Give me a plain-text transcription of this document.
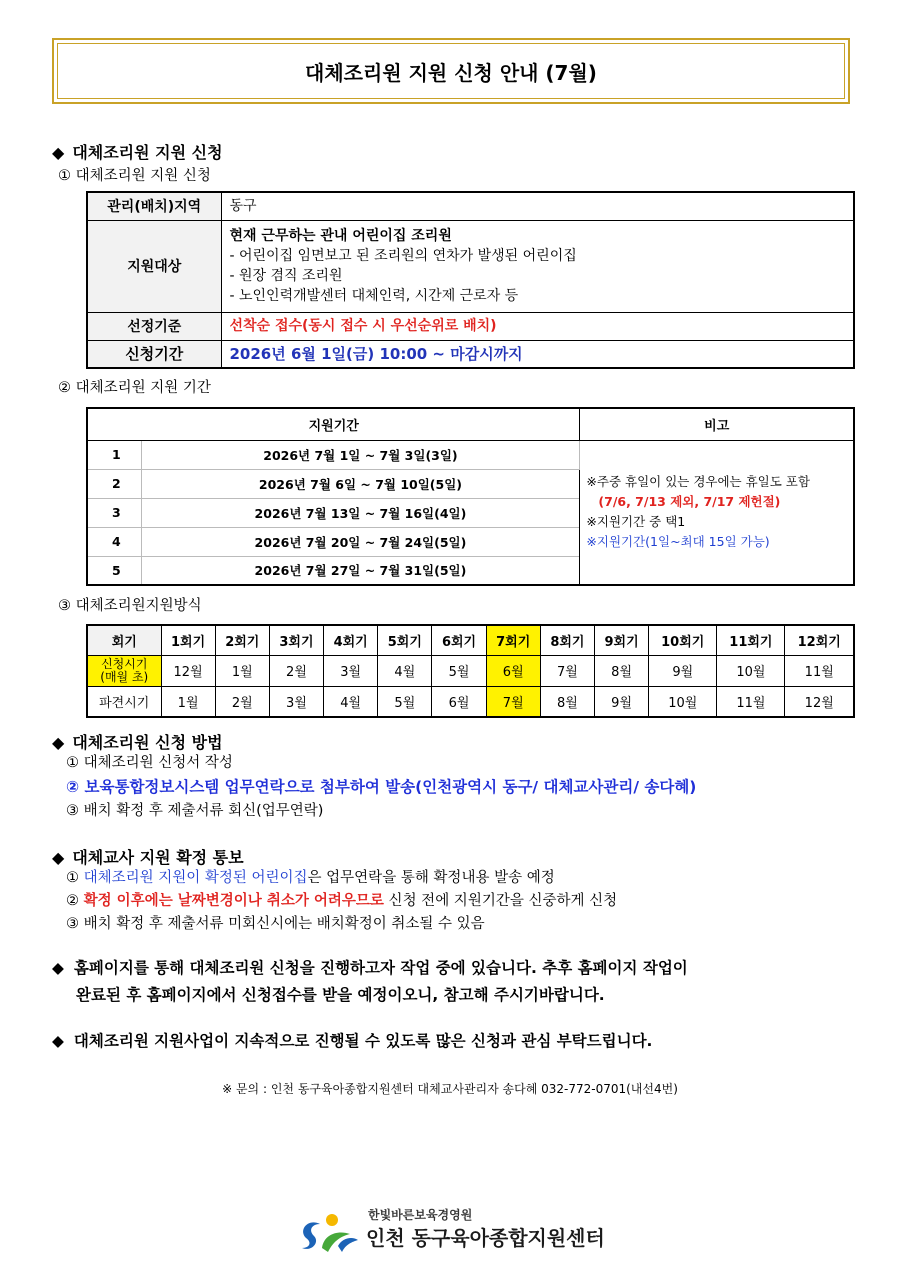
대체조리원 지원 신청 안내 (7월)
◆ 대체조리원 지원 신청
① 대체조리원 지원 신청
관리(배치)지역	동구
지원대상	현재 근무하는 관내 어린이집 조리원
- 어린이집 임면보고 된 조리원의 연차가 발생된 어린이집
- 원장 겸직 조리원
- 노인인력개발센터 대체인력, 시간제 근로자 등

선정기준	선착순 접수(동시 접수 시 우선순위로 배치)
신청기간	2026년 6월 1일(금) 10:00 ~ 마감시까지
② 대체조리원 지원 기간
지원기간		비고
1	2026년 7월 1일 ~ 7월 3일(3일)	※주중 휴일이 있는 경우에는 휴일도 포함
(7/6, 7/13 제외, 7/17 제헌절)
※지원기간 중 택1
※지원기간(1일~최대 15일 가능)

2	2026년 7월 6일 ~ 7월 10일(5일)	
3	2026년 7월 13일 ~ 7월 16일(4일)	
4	2026년 7월 20일 ~ 7월 24일(5일)	
5	2026년 7월 27일 ~ 7월 31일(5일)	
③ 대체조리원지원방식
회기	1회기	2회기	3회기	4회기	5회기	6회기	7회기	8회기	9회기	10회기	11회기	12회기

신청시기
(매월 초)	12월	1월	2월	3월	4월	5월	6월	7월	8월	9월	10월	11월
파견시기	1월	2월	3월	4월	5월	6월	7월	8월	9월	10월	11월	12월
◆ 대체조리원 신청 방법
① 대체조리원 신청서 작성
② 보육통합정보시스템 업무연락으로 첨부하여 발송(인천광역시 동구/ 대체교사관리/ 송다혜)
③ 배치 확정 후 제출서류 회신(업무연락)
◆ 대체교사 지원 확정 통보
① 대체조리원 지원이 확정된 어린이집은 업무연락을 통해 확정내용 발송 예정
② 확정 이후에는 날짜변경이나 취소가 어려우므로 신청 전에 지원기간을 신중하게 신청
③ 배치 확정 후 제출서류 미회신시에는 배치확정이 취소될 수 있음
◆ 홈페이지를 통해 대체조리원 신청을 진행하고자 작업 중에 있습니다. 추후 홈페이지 작업이
완료된 후 홈페이지에서 신청접수를 받을 예정이오니, 참고해 주시기바랍니다.
◆ 대체조리원 지원사업이 지속적으로 진행될 수 있도록 많은 신청과 관심 부탁드립니다.
※ 문의 : 인천 동구육아종합지원센터 대체교사관리자 송다혜 032-772-0701(내선4번)
한빛바른보육경영원
인천 동구육아종합지원센터
